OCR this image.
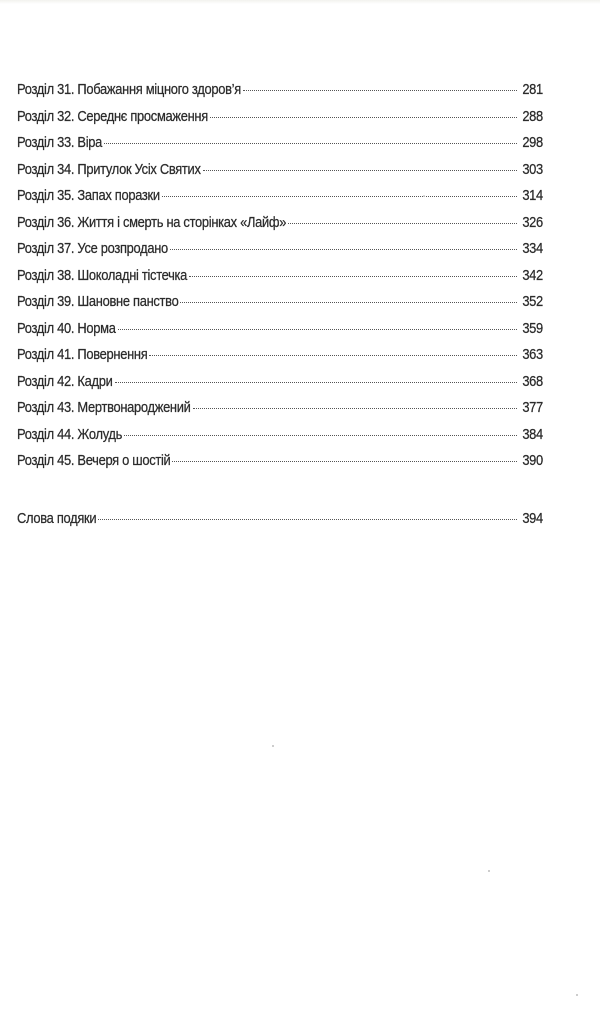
Розділ 31. Побажання міцного здоров’я	281
Розділ 32. Середнє просмаження	288
Розділ 33. Віра	298
Розділ 34. Притулок Усіх Святих	303
Розділ 35. Запах поразки	314
Розділ 36. Життя і смерть на сторінках «Лайф»	326
Розділ 37. Усе розпродано	334
Розділ 38. Шоколадні тістечка	342
Розділ 39. Шановне панство	352
Розділ 40. Норма	359
Розділ 41. Повернення	363
Розділ 42. Кадри	368
Розділ 43. Мертвонароджений	377
Розділ 44. Жолудь	384
Розділ 45. Вечеря о шостій	390
Слова подяки	394
